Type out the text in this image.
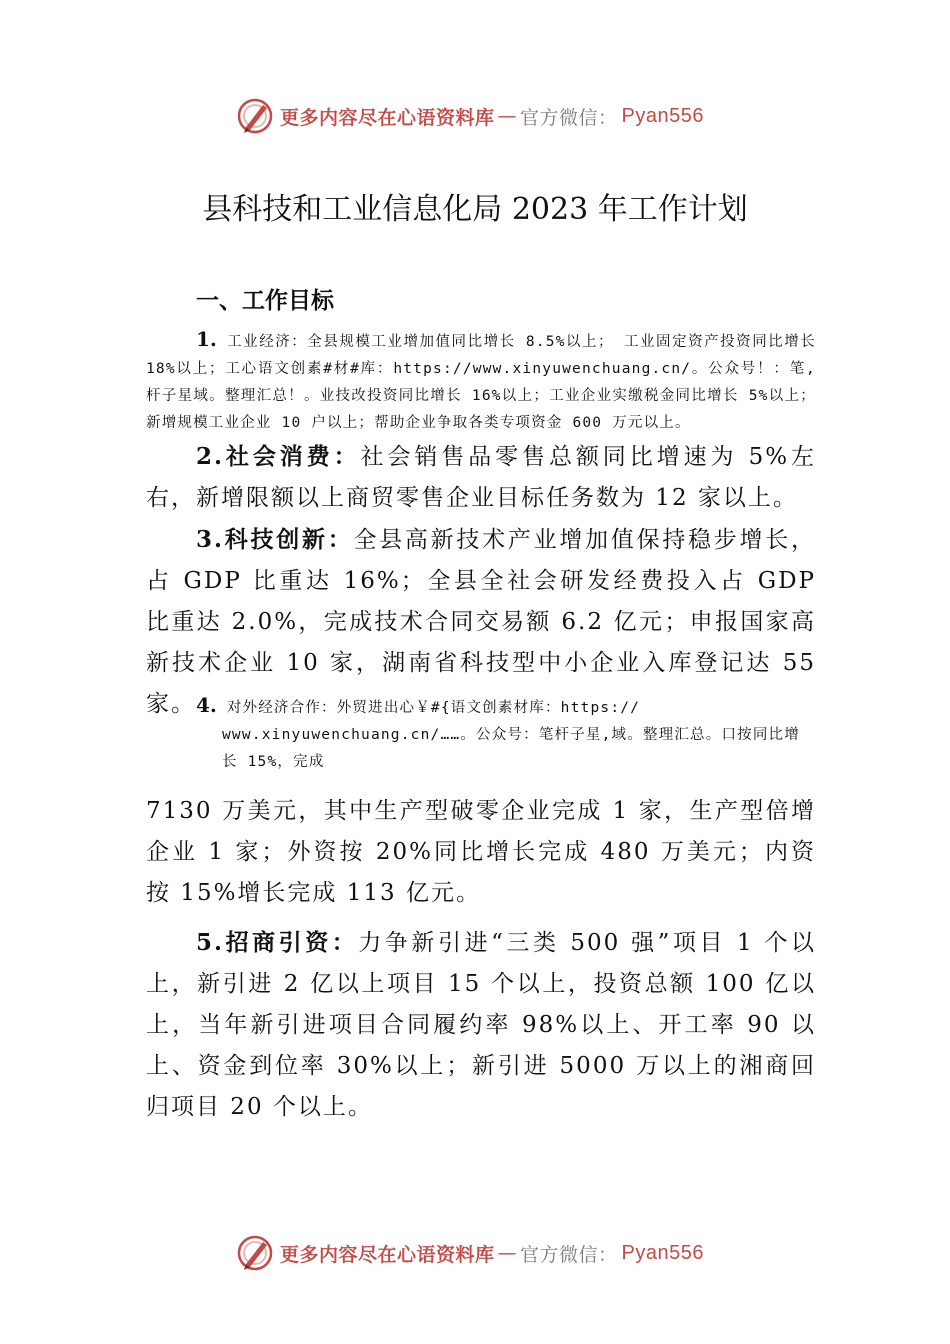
更多内容尽在心语资料库 — 官方微信 ： Pyan556
县科技和工业信息化局 2023 年工作计划
一、工作目标

1. 工业经济：全县规模工业增加值同比增长 8.5%以上； 工业固定资产投资同比增长 18%以上；工心语文创素#材#库：https://www.xinyuwenchuang.cn/。公众号！：笔,杆子星域。整理汇总！。业技改投资同比增长 16%以上；工业企业实缴税金同比增长 5%以上；新增规模工业企业 10 户以上；帮助企业争取各类专项资金 600 万元以上。

2.社会消费：社会销售品零售总额同比增速为 5%左右，新增限额以上商贸零售企业目标任务数为 12 家以上。

3.科技创新：全县高新技术产业增加值保持稳步增长，占 GDP 比重达 16%；全县全社会研发经费投入占 GDP 比重达 2.0%，完成技术合同交易额 6.2 亿元；申报国家高新技术企业 10 家，湖南省科技型中小企业入库登记达 55 家。 4. 对外经济合作：外贸进出心￥#{语文创素材库：https://
www.xinyuwenchuang.cn/……。公众号：笔杆子星,域。整理汇总。口按同比增
长 15%，完成

7130 万美元，其中生产型破零企业完成 1 家，生产型倍增企业 1 家；外资按 20%同比增长完成 480 万美元；内资按 15%增长完成 113 亿元。

5.招商引资：力争新引进“三类 500 强”项目 1 个以上，新引进 2 亿以上项目 15 个以上，投资总额 100 亿以上，当年新引进项目合同履约率 98%以上、开工率 90 以上、资金到位率 30%以上；新引进 5000 万以上的湘商回归项目 20 个以上。

更多内容尽在心语资料库 — 官方微信 ： Pyan556
